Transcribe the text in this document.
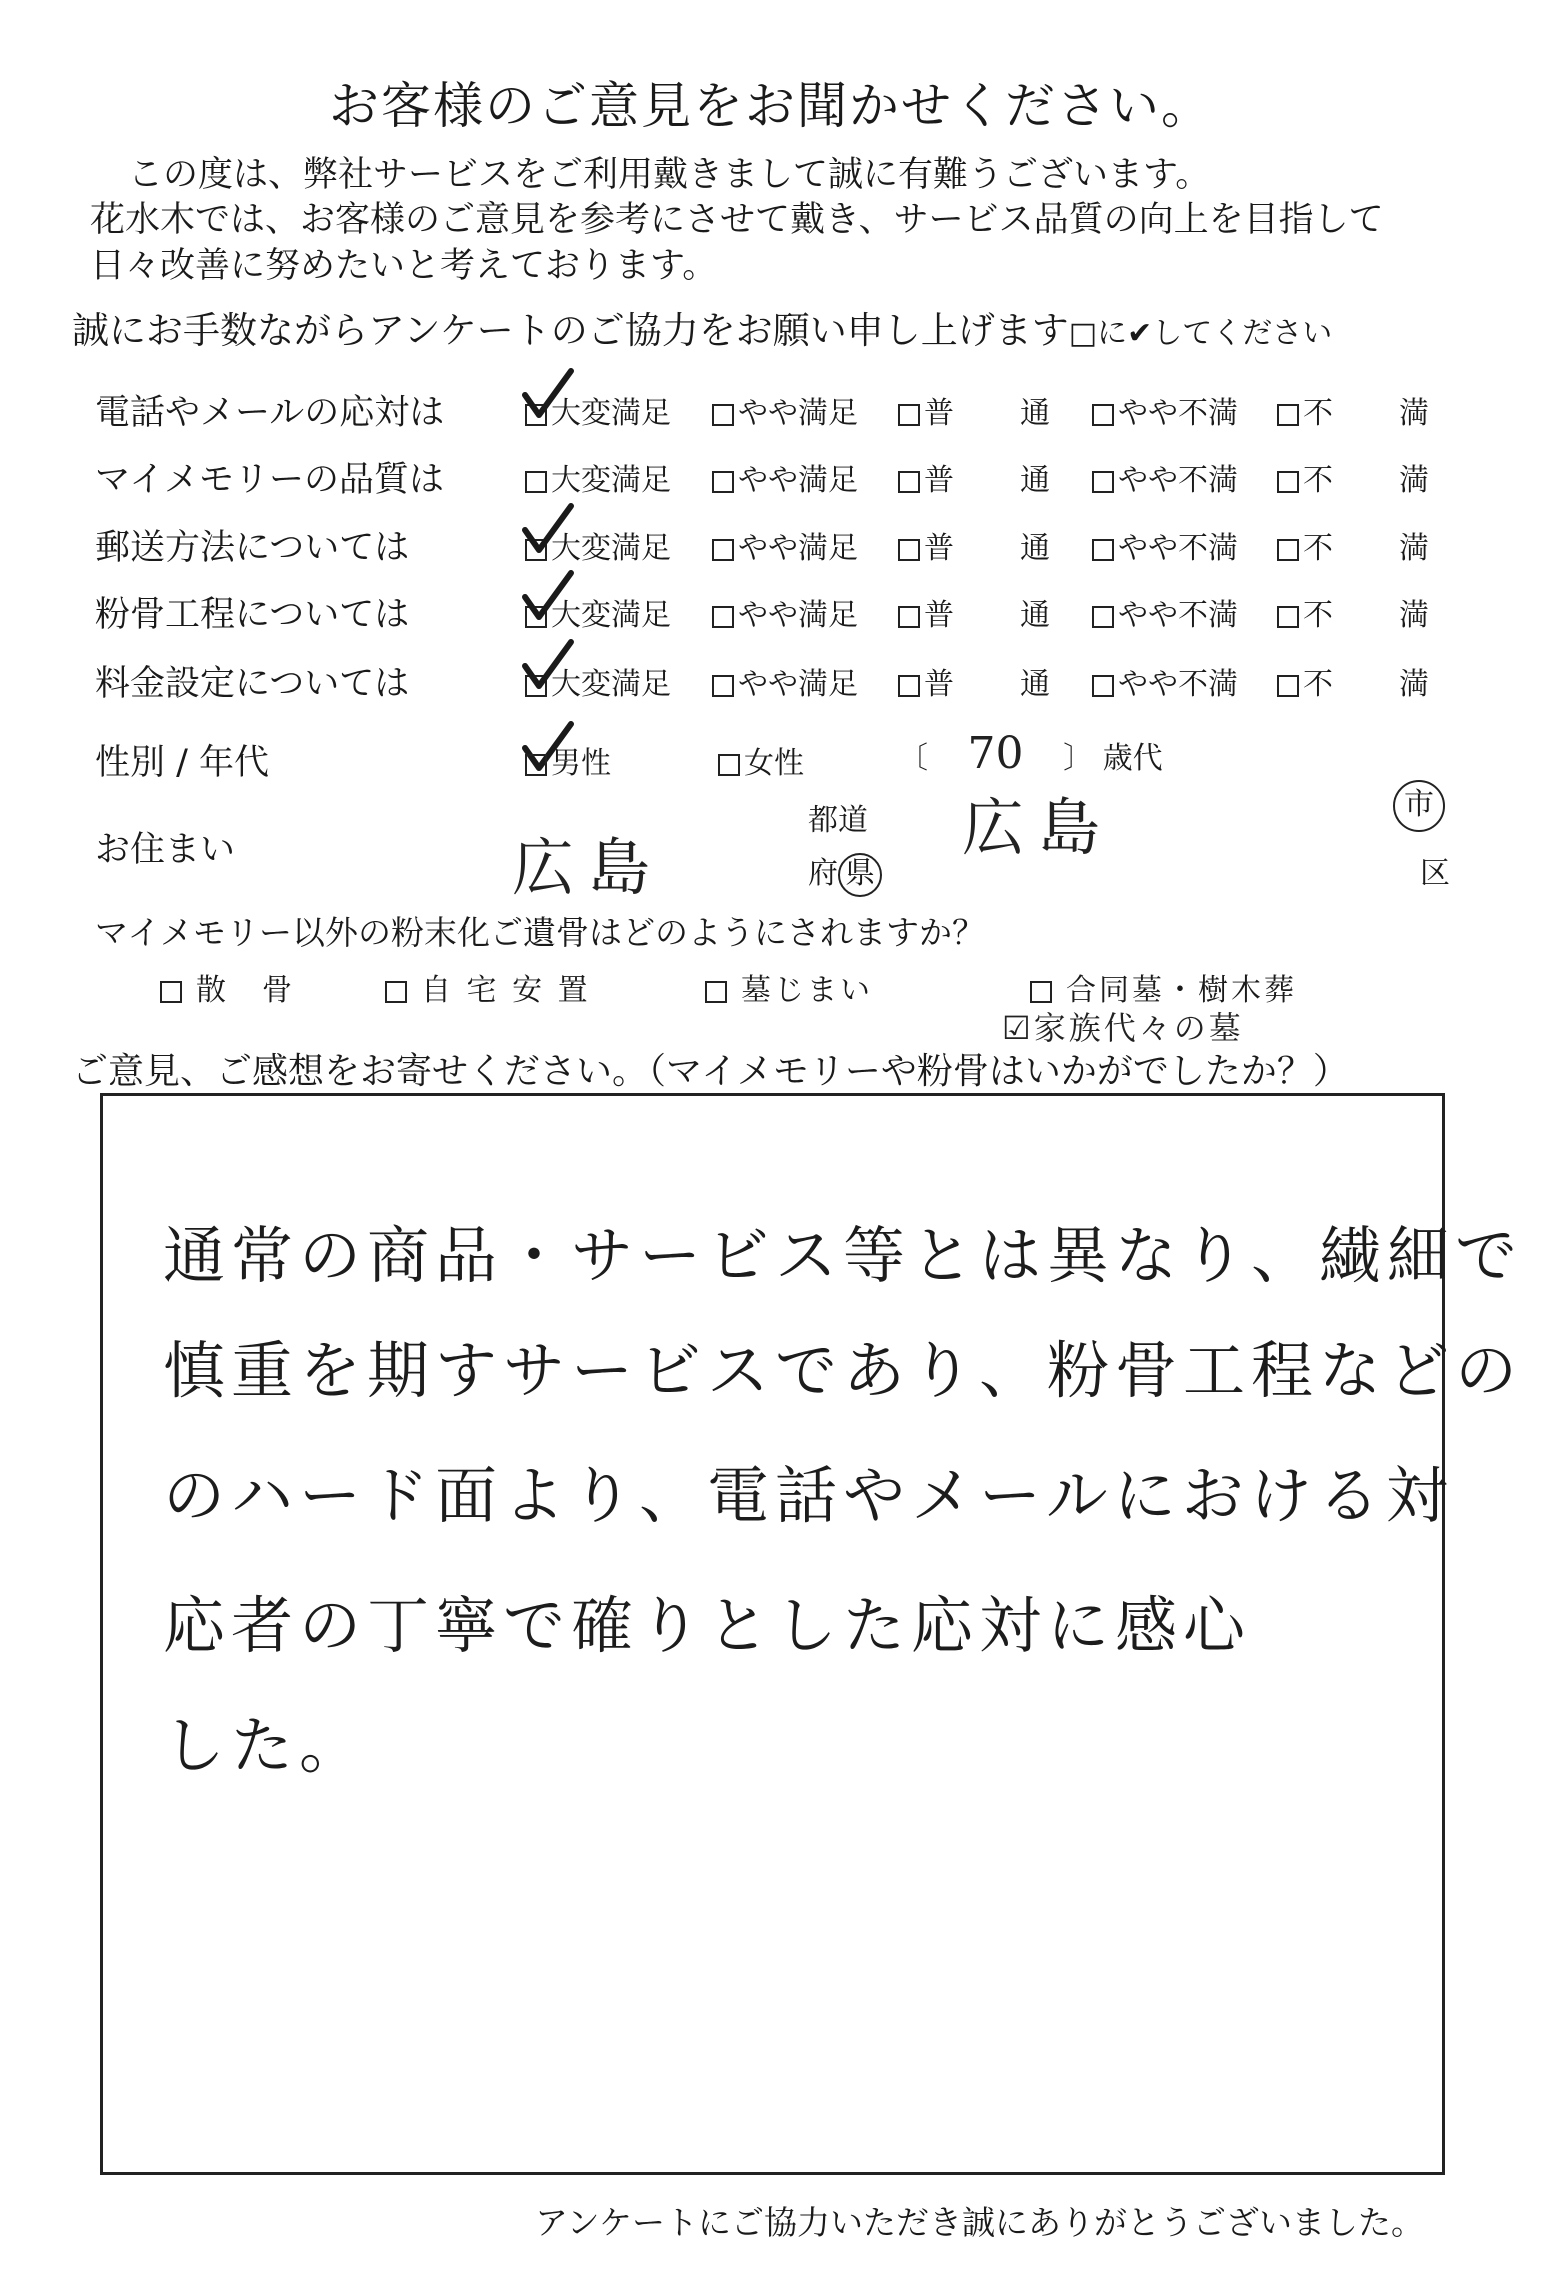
お客様のご意見をお聞かせください。
この度は、弊社サービスをご利用戴きまして誠に有難うございます。
花水木では、お客様のご意見を参考にさせて戴き、サービス品質の向上を目指して
日々改善に努めたいと考えております。
誠にお手数ながらアンケートのご協力をお願い申し上げます□に✔してください
電話やメールの応対は	大変満足	やや満足	普　　通	やや不満	不　　満
マイメモリーの品質は	大変満足	やや満足	普　　通	やや不満	不　　満
郵送方法については	大変満足	やや満足	普　　通	やや不満	不　　満
粉骨工程については	大変満足	やや満足	普　　通	やや不満	不　　満
料金設定については	大変満足	やや満足	普　　通	やや不満	不　　満
性別 / 年代	男性	女性	〔 70 〕 歳代
お住まい	広島
都道
府 県
広島	市
区
マイメモリー以外の粉末化ご遺骨はどのようにされますか？
散　骨	自 宅 安 置	墓じまい	合同墓・樹木葬
☑家族代々の墓
ご意見、ご感想をお寄せください。（マイメモリーや粉骨はいかがでしたか？）
通常の商品・サービス等とは異なり、繊細で
慎重を期すサービスであり、粉骨工程などの
のハード面より、電話やメールにおける対
応者の丁寧で確りとした応対に感心
した。
アンケートにご協力いただき誠にありがとうございました。
